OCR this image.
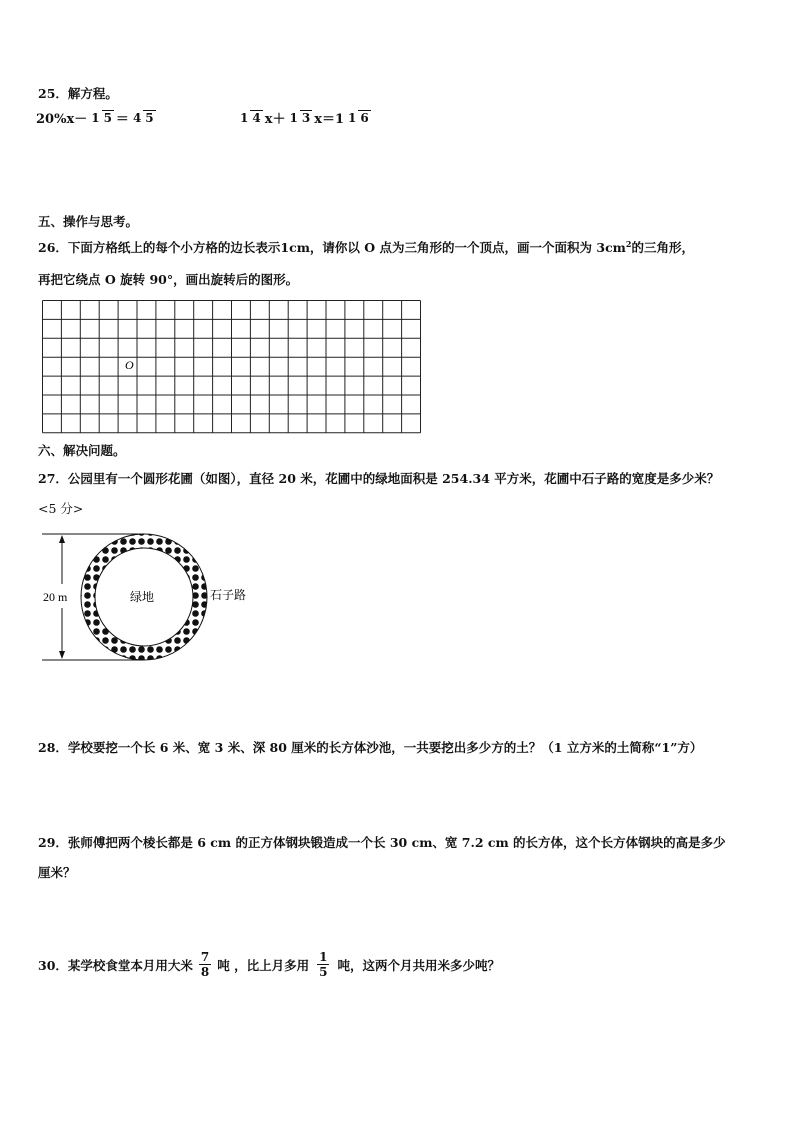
25．解方程。
20%x－ 1 5 ＝ 4 5	1 4 x＋ 1 3 x＝1 1 6
五、操作与思考。
26．下面方格纸上的每个小方格的边长表示1cm，请你以 O 点为三角形的一个顶点，画一个面积为 $3cm^2$的三角形，
再把它绕点 O 旋转 90°，画出旋转后的图形。
O
六、解决问题。
27．公园里有一个圆形花圃（如图），直径 20 米，花圃中的绿地面积是 254.34 平方米，花圃中石子路的宽度是多少米？
<5 分>
20 m	绿地	石子路
28．学校要挖一个长 6 米、宽 3 米、深 80 厘米的长方体沙池，一共要挖出多少方的土？（1 立方米的土简称“1”方）
29．张师傅把两个棱长都是 6 cm 的正方体钢块锻造成一个长 30 cm、宽 7.2 cm 的长方体，这个长方体钢块的高是多少
厘米？
30．某学校食堂本月用大米 $\frac{7}{8}$ 吨 ，比上月多用 $\frac{1}{5}$ 吨，这两个月共用米多少吨？
